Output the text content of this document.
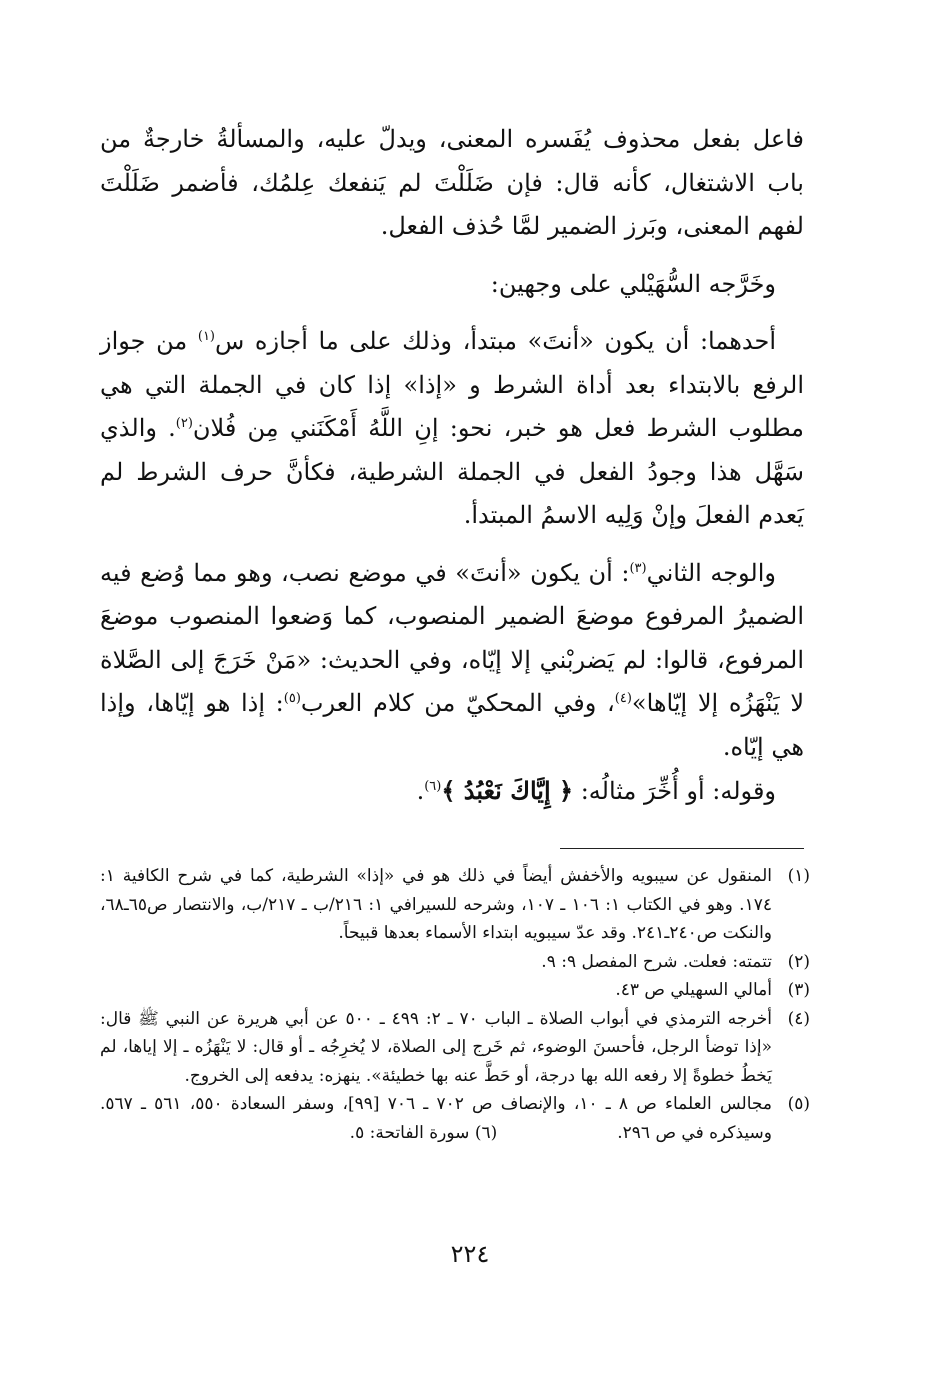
فاعل بفعل محذوف يُفَسره المعنى، ويدلّ عليه، والمسألةُ خارجةٌ من باب الاشتغال، كأنه قال: فإن ضَلَلْتَ لم يَنفعك عِلمُك، فأضمر ضَلَلْتَ لفهم المعنى، وبَرز الضمير لمَّا حُذف الفعل.

وخَرَّجه السُّهَيْلي على وجهين:

أحدهما: أن يكون «أنتَ» مبتدأ، وذلك على ما أجازه س$^{(١)}$ من جواز الرفع بالابتداء بعد أداة الشرط و «إذا» إذا كان في الجملة التي هي مطلوب الشرط فعل هو خبر، نحو: إنِ اللَّهُ أَمْكَنَني مِن فُلان$^{(٢)}$. والذي سَهَّل هذا وجودُ الفعل في الجملة الشرطية، فكأنَّ حرف الشرط لم يَعدم الفعلَ وإنْ وَلِيه الاسمُ المبتدأ.

والوجه الثاني$^{(٣)}$: أن يكون «أنتَ» في موضع نصب، وهو مما وُضع فيه الضميرُ المرفوع موضعَ الضمير المنصوب، كما وَضعوا المنصوب موضعَ المرفوع، قالوا: لم يَضربْني إلا إيّاه، وفي الحديث: «مَنْ خَرَجَ إلى الصَّلاة لا يَنْهَزُه إلا إيّاها»$^{(٤)}$، وفي المحكيّ من كلام العرب$^{(٥)}$: إذا هو إيّاها، وإذا هي إيّاه.

وقوله: أو أُخِّرَ مثالُه: ﴿ إِيَّاكَ نَعْبُدُ ﴾$^{(٦)}$.

(١)
المنقول عن سيبويه والأخفش أيضاً في ذلك هو في «إذا» الشرطية، كما في شرح الكافية ١: ١٧٤. وهو في الكتاب ١: ١٠٦ ـ ١٠٧، وشرحه للسيرافي ١: ٢١٦/ب ـ ٢١٧/ب، والانتصار ص٦٥ـ٦٨، والنكت ص٢٤٠ـ٢٤١. وقد عدّ سيبويه ابتداء الأسماء بعدها قبيحاً.
(٢)
تتمته: فعلت. شرح المفصل ٩: ٩.
(٣)
أمالي السهيلي ص ٤٣.
(٤)
أخرجه الترمذي في أبواب الصلاة ـ الباب ٧٠ ـ ٢: ٤٩٩ ـ ٥٠٠ عن أبي هريرة عن النبي ﷺ قال: «إذا توضأ الرجل، فأحسنَ الوضوء، ثم خَرج إلى الصلاة، لا يُخرِجُه ـ أو قال: لا يَنْهَزُه ـ إلا إياها، لم يَخطُ خطوةً إلا رفعه الله بها درجة، أو حَطَّ عنه بها خطيئة». ينهزه: يدفعه إلى الخروج.
(٥)
مجالس العلماء ص ٨ ـ ١٠، والإنصاف ص ٧٠٢ ـ ٧٠٦ [٩٩]، وسفر السعادة ٥٥٠، ٥٦١ ـ ٥٦٧. وسيذكره في ص ٢٩٦.(٦) سورة الفاتحة: ٥.
٢٢٤
